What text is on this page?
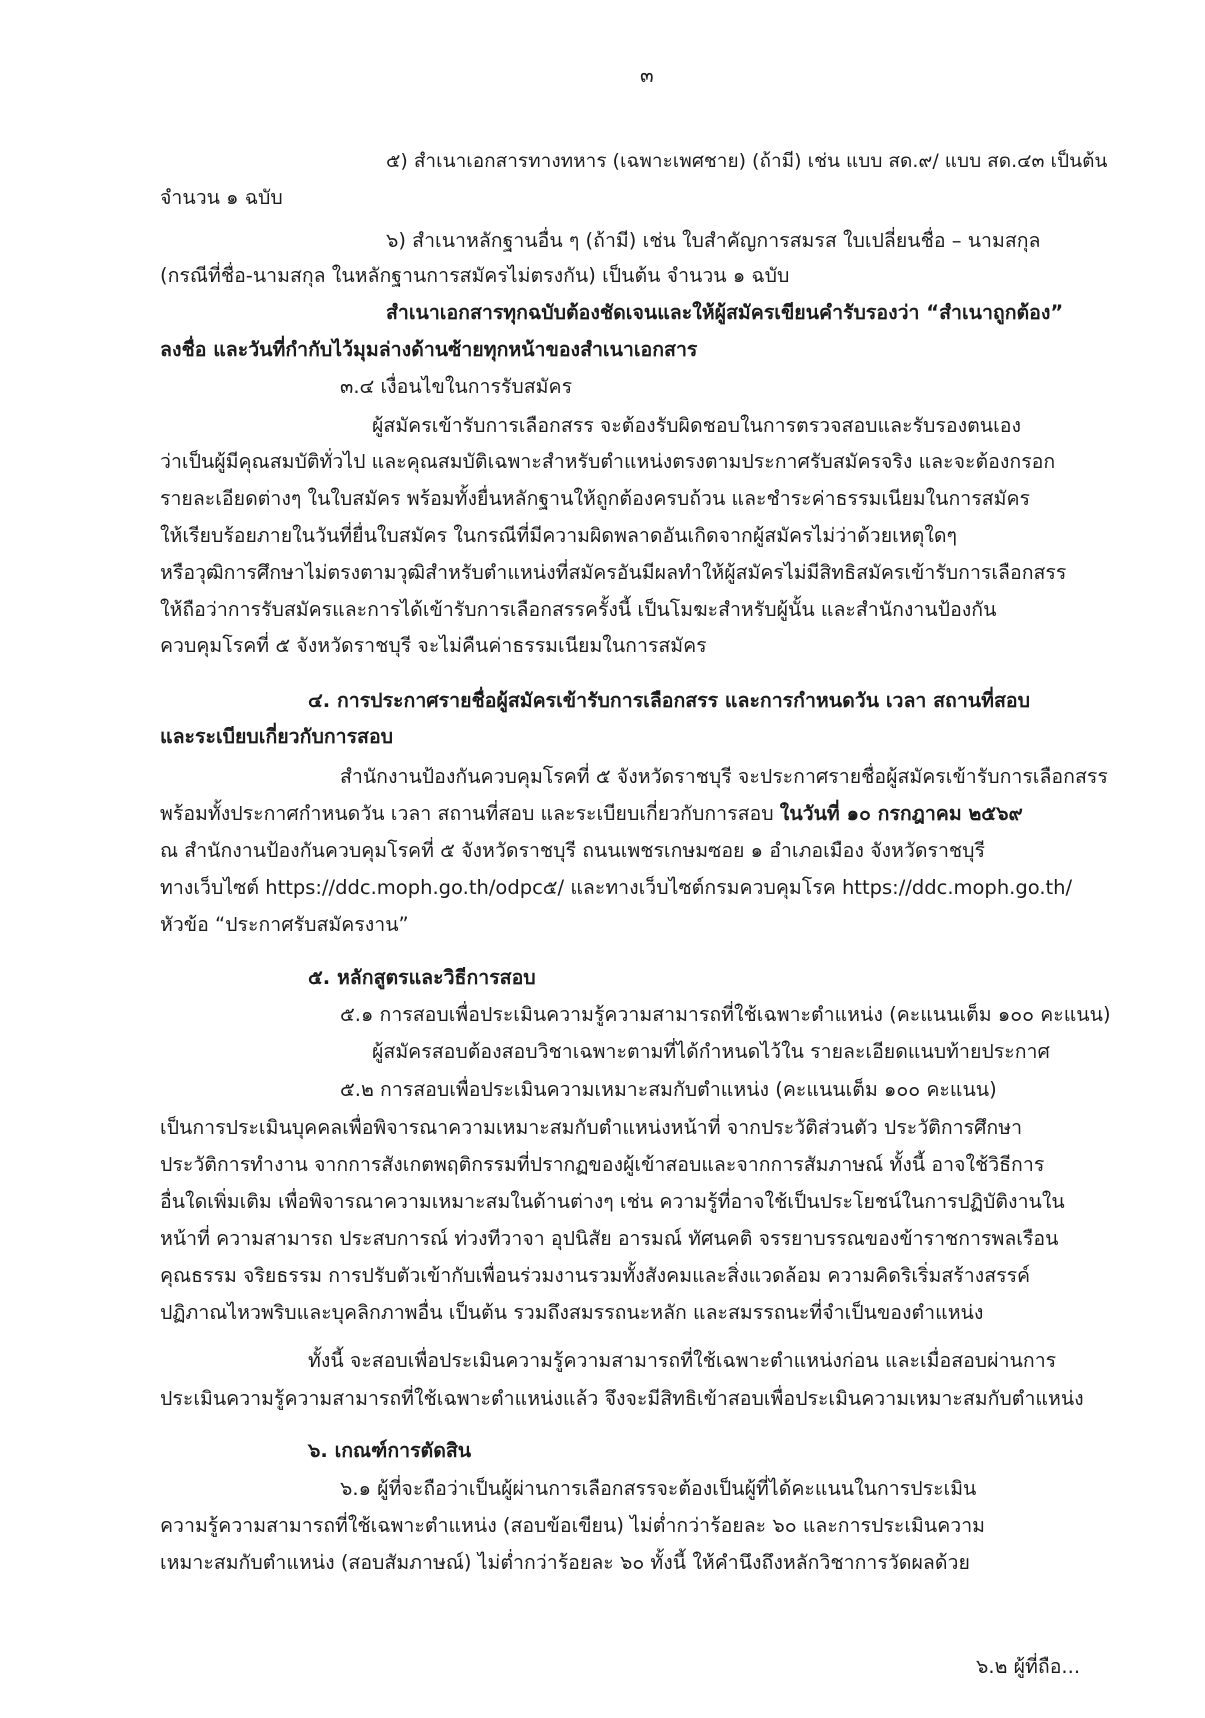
๓
๕) สำเนาเอกสารทางทหาร (เฉพาะเพศชาย) (ถ้ามี) เช่น แบบ สด.๙/ แบบ สด.๔๓ เป็นต้น
จำนวน ๑ ฉบับ
๖) สำเนาหลักฐานอื่น ๆ (ถ้ามี) เช่น ใบสำคัญการสมรส ใบเปลี่ยนชื่อ – นามสกุล
(กรณีที่ชื่อ-นามสกุล ในหลักฐานการสมัครไม่ตรงกัน) เป็นต้น จำนวน ๑ ฉบับ
สำเนาเอกสารทุกฉบับต้องชัดเจนและให้ผู้สมัครเขียนคำรับรองว่า “สำเนาถูกต้อง”
ลงชื่อ และวันที่กำกับไว้มุมล่างด้านซ้ายทุกหน้าของสำเนาเอกสาร
๓.๔ เงื่อนไขในการรับสมัคร
ผู้สมัครเข้ารับการเลือกสรร จะต้องรับผิดชอบในการตรวจสอบและรับรองตนเอง
ว่าเป็นผู้มีคุณสมบัติทั่วไป และคุณสมบัติเฉพาะสำหรับตำแหน่งตรงตามประกาศรับสมัครจริง และจะต้องกรอก
รายละเอียดต่างๆ ในใบสมัคร พร้อมทั้งยื่นหลักฐานให้ถูกต้องครบถ้วน และชำระค่าธรรมเนียมในการสมัคร
ให้เรียบร้อยภายในวันที่ยื่นใบสมัคร ในกรณีที่มีความผิดพลาดอันเกิดจากผู้สมัครไม่ว่าด้วยเหตุใดๆ
หรือวุฒิการศึกษาไม่ตรงตามวุฒิสำหรับตำแหน่งที่สมัครอันมีผลทำให้ผู้สมัครไม่มีสิทธิสมัครเข้ารับการเลือกสรร
ให้ถือว่าการรับสมัครและการได้เข้ารับการเลือกสรรครั้งนี้ เป็นโมฆะสำหรับผู้นั้น และสำนักงานป้องกัน
ควบคุมโรคที่ ๕ จังหวัดราชบุรี จะไม่คืนค่าธรรมเนียมในการสมัคร
๔. การประกาศรายชื่อผู้สมัครเข้ารับการเลือกสรร และการกำหนดวัน เวลา สถานที่สอบ
และระเบียบเกี่ยวกับการสอบ
สำนักงานป้องกันควบคุมโรคที่ ๕ จังหวัดราชบุรี จะประกาศรายชื่อผู้สมัครเข้ารับการเลือกสรร
พร้อมทั้งประกาศกำหนดวัน เวลา สถานที่สอบ และระเบียบเกี่ยวกับการสอบ ในวันที่ ๑๐ กรกฎาคม ๒๕๖๙
ณ สำนักงานป้องกันควบคุมโรคที่ ๕ จังหวัดราชบุรี ถนนเพชรเกษมซอย ๑ อำเภอเมือง จังหวัดราชบุรี
ทางเว็บไซต์ https://ddc.moph.go.th/odpc๕/ และทางเว็บไซต์กรมควบคุมโรค https://ddc.moph.go.th/
หัวข้อ “ประกาศรับสมัครงาน”
๕. หลักสูตรและวิธีการสอบ
๕.๑ การสอบเพื่อประเมินความรู้ความสามารถที่ใช้เฉพาะตำแหน่ง (คะแนนเต็ม ๑๐๐ คะแนน)
ผู้สมัครสอบต้องสอบวิชาเฉพาะตามที่ได้กำหนดไว้ใน รายละเอียดแนบท้ายประกาศ
๕.๒ การสอบเพื่อประเมินความเหมาะสมกับตำแหน่ง (คะแนนเต็ม ๑๐๐ คะแนน)
เป็นการประเมินบุคคลเพื่อพิจารณาความเหมาะสมกับตำแหน่งหน้าที่ จากประวัติส่วนตัว ประวัติการศึกษา
ประวัติการทำงาน จากการสังเกตพฤติกรรมที่ปรากฏของผู้เข้าสอบและจากการสัมภาษณ์ ทั้งนี้ อาจใช้วิธีการ
อื่นใดเพิ่มเติม เพื่อพิจารณาความเหมาะสมในด้านต่างๆ เช่น ความรู้ที่อาจใช้เป็นประโยชน์ในการปฏิบัติงานใน
หน้าที่ ความสามารถ ประสบการณ์ ท่วงทีวาจา อุปนิสัย อารมณ์ ทัศนคติ จรรยาบรรณของข้าราชการพลเรือน
คุณธรรม จริยธรรม การปรับตัวเข้ากับเพื่อนร่วมงานรวมทั้งสังคมและสิ่งแวดล้อม ความคิดริเริ่มสร้างสรรค์
ปฏิภาณไหวพริบและบุคลิกภาพอื่น เป็นต้น รวมถึงสมรรถนะหลัก และสมรรถนะที่จำเป็นของตำแหน่ง
ทั้งนี้ จะสอบเพื่อประเมินความรู้ความสามารถที่ใช้เฉพาะตำแหน่งก่อน และเมื่อสอบผ่านการ
ประเมินความรู้ความสามารถที่ใช้เฉพาะตำแหน่งแล้ว จึงจะมีสิทธิเข้าสอบเพื่อประเมินความเหมาะสมกับตำแหน่ง
๖. เกณฑ์การตัดสิน
๖.๑ ผู้ที่จะถือว่าเป็นผู้ผ่านการเลือกสรรจะต้องเป็นผู้ที่ได้คะแนนในการประเมิน
ความรู้ความสามารถที่ใช้เฉพาะตำแหน่ง (สอบข้อเขียน) ไม่ต่ำกว่าร้อยละ ๖๐ และการประเมินความ
เหมาะสมกับตำแหน่ง (สอบสัมภาษณ์) ไม่ต่ำกว่าร้อยละ ๖๐ ทั้งนี้ ให้คำนึงถึงหลักวิชาการวัดผลด้วย
๖.๒ ผู้ที่ถือ...
